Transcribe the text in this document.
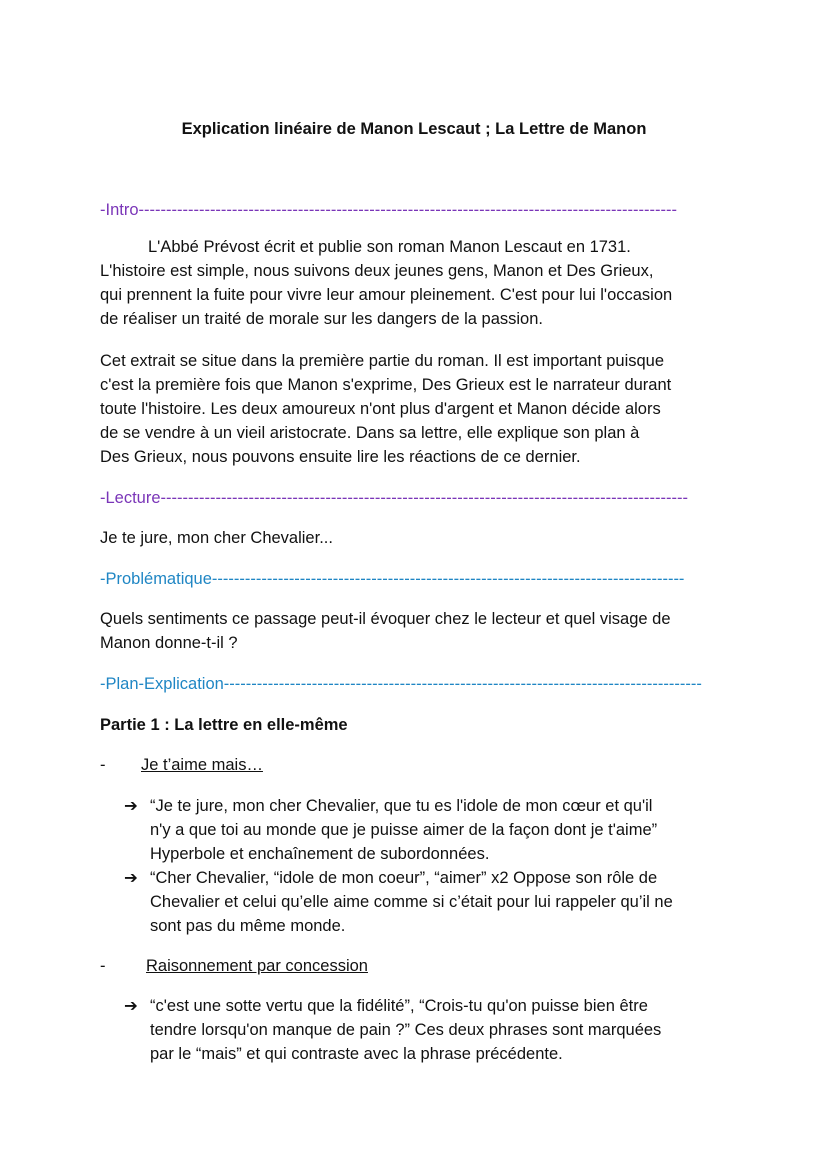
Explication linéaire de Manon Lescaut ; La Lettre de Manon
-Intro--------------------------------------------------------------------------------------------------
L'Abbé Prévost écrit et publie son roman Manon Lescaut en 1731.
L'histoire est simple, nous suivons deux jeunes gens, Manon et Des Grieux,
qui prennent la fuite pour vivre leur amour pleinement. C'est pour lui l'occasion
de réaliser un traité de morale sur les dangers de la passion.
Cet extrait se situe dans la première partie du roman. Il est important puisque
c'est la première fois que Manon s'exprime, Des Grieux est le narrateur durant
toute l'histoire. Les deux amoureux n'ont plus d'argent et Manon décide alors
de se vendre à un vieil aristocrate. Dans sa lettre, elle explique son plan à
Des Grieux, nous pouvons ensuite lire les réactions de ce dernier.
-Lecture------------------------------------------------------------------------------------------------
Je te jure, mon cher Chevalier...
-Problématique--------------------------------------------------------------------------------------
Quels sentiments ce passage peut-il évoquer chez le lecteur et quel visage de
Manon donne-t-il ?
-Plan-Explication---------------------------------------------------------------------------------------
Partie 1 : La lettre en elle-même
- Je t’aime mais…
➔ “Je te jure, mon cher Chevalier, que tu es l'idole de mon cœur et qu'il
n'y a que toi au monde que je puisse aimer de la façon dont je t'aime”
Hyperbole et enchaînement de subordonnées.
➔ “Cher Chevalier, “idole de mon coeur”, “aimer” x2 Oppose son rôle de
Chevalier et celui qu’elle aime comme si c’était pour lui rappeler qu’il ne
sont pas du même monde.
- Raisonnement par concession
➔ “c'est une sotte vertu que la fidélité”, “Crois-tu qu'on puisse bien être
tendre lorsqu'on manque de pain ?” Ces deux phrases sont marquées
par le “mais” et qui contraste avec la phrase précédente.
